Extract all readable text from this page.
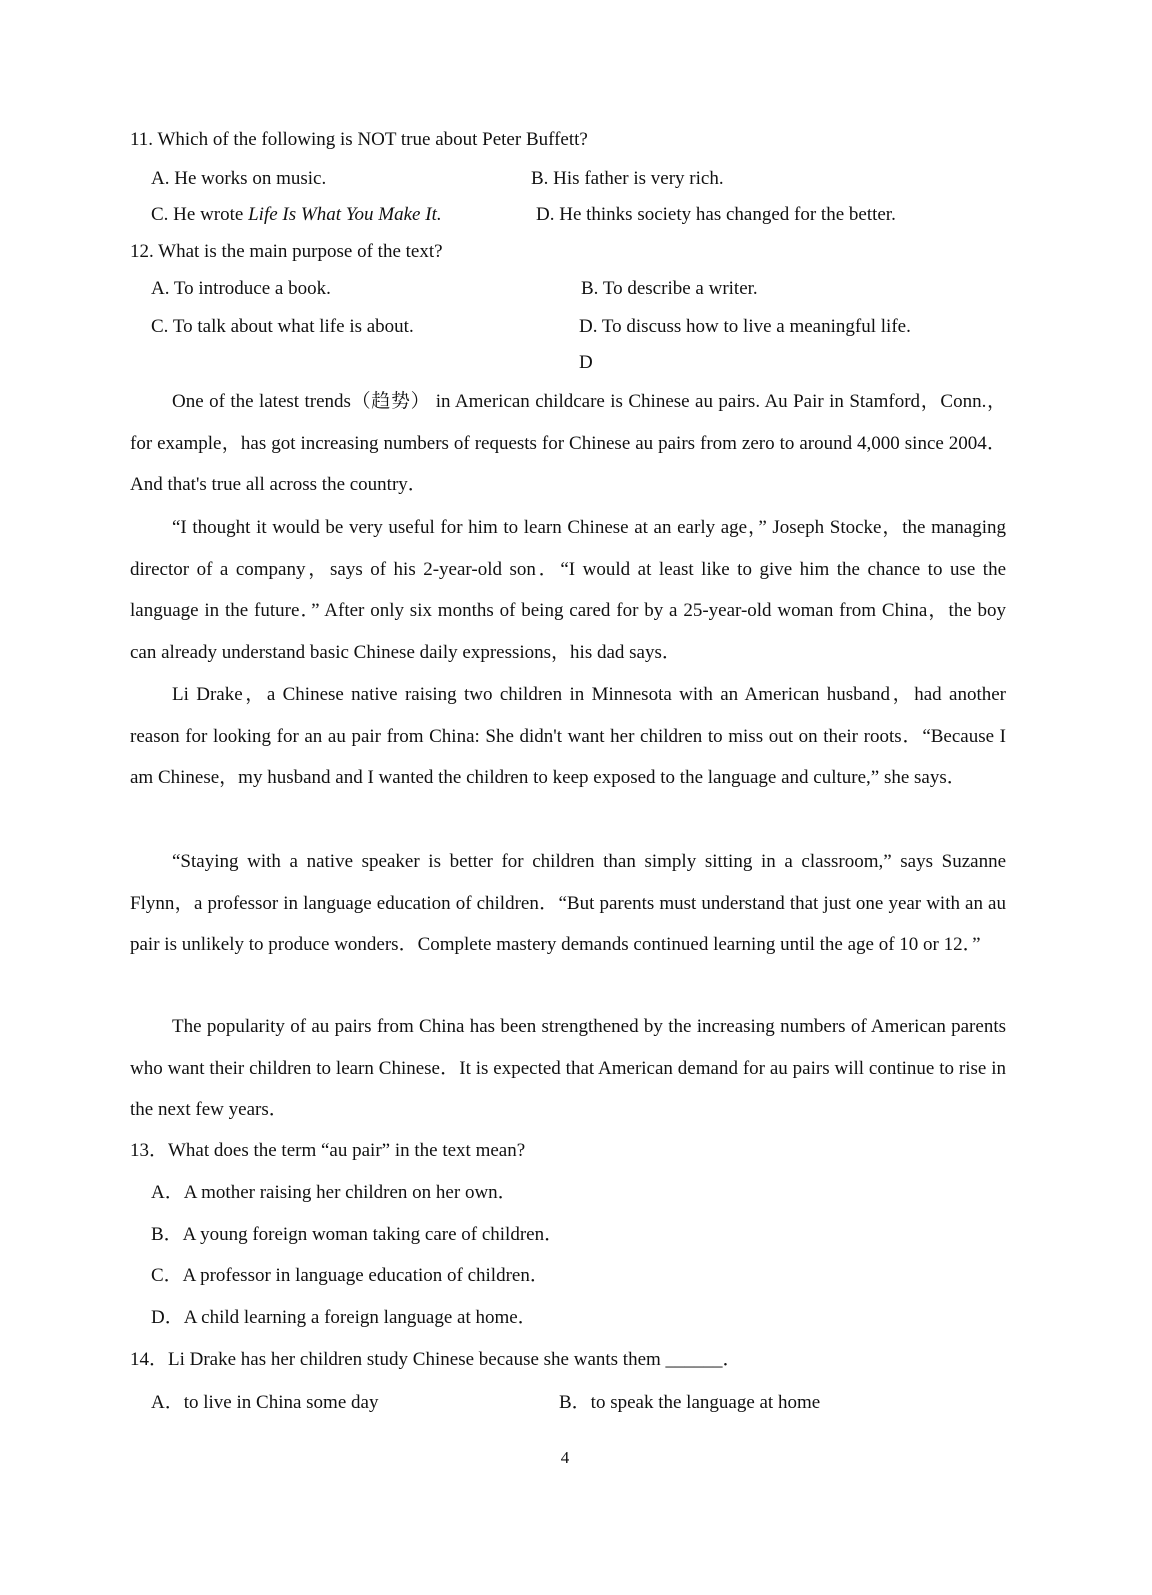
11. Which of the following is NOT true about Peter Buffett?
A. He works on music.	B. His father is very rich.
C. He wrote Life Is What You Make It.	D. He thinks society has changed for the better.
12. What is the main purpose of the text?
A. To introduce a book.	B. To describe a writer.
C. To talk about what life is about.	D. To discuss how to live a meaningful life.
D

One of the latest trends（趋势） in American childcare is Chinese au pairs. Au Pair in Stamford，Conn.，for example，has got increasing numbers of requests for Chinese au pairs from zero to around 4,000 since 2004．And that's true all across the country．

“I thought it would be very useful for him to learn Chinese at an early age，” Joseph Stocke，the managing director of a company，says of his 2-year-old son．“I would at least like to give him the chance to use the language in the future．” After only six months of being cared for by a 25-year-old woman from China，the boy can already understand basic Chinese daily expressions，his dad says．

Li Drake，a Chinese native raising two children in Minnesota with an American husband，had another reason for looking for an au pair from China: She didn't want her children to miss out on their roots．“Because I am Chinese，my husband and I wanted the children to keep exposed to the language and culture,” she says．

“Staying with a native speaker is better for children than simply sitting in a classroom,” says Suzanne Flynn，a professor in language education of children．“But parents must understand that just one year with an au pair is unlikely to produce wonders．Complete mastery demands continued learning until the age of 10 or 12．”

The popularity of au pairs from China has been strengthened by the increasing numbers of American parents who want their children to learn Chinese．It is expected that American demand for au pairs will continue to rise in the next few years．

13．What does the term “au pair” in the text mean?
A．A mother raising her children on her own．
B．A young foreign woman taking care of children．
C．A professor in language education of children．
D．A child learning a foreign language at home．
14．Li Drake has her children study Chinese because she wants them ______．
A．to live in China some day	B．to speak the language at home
4
